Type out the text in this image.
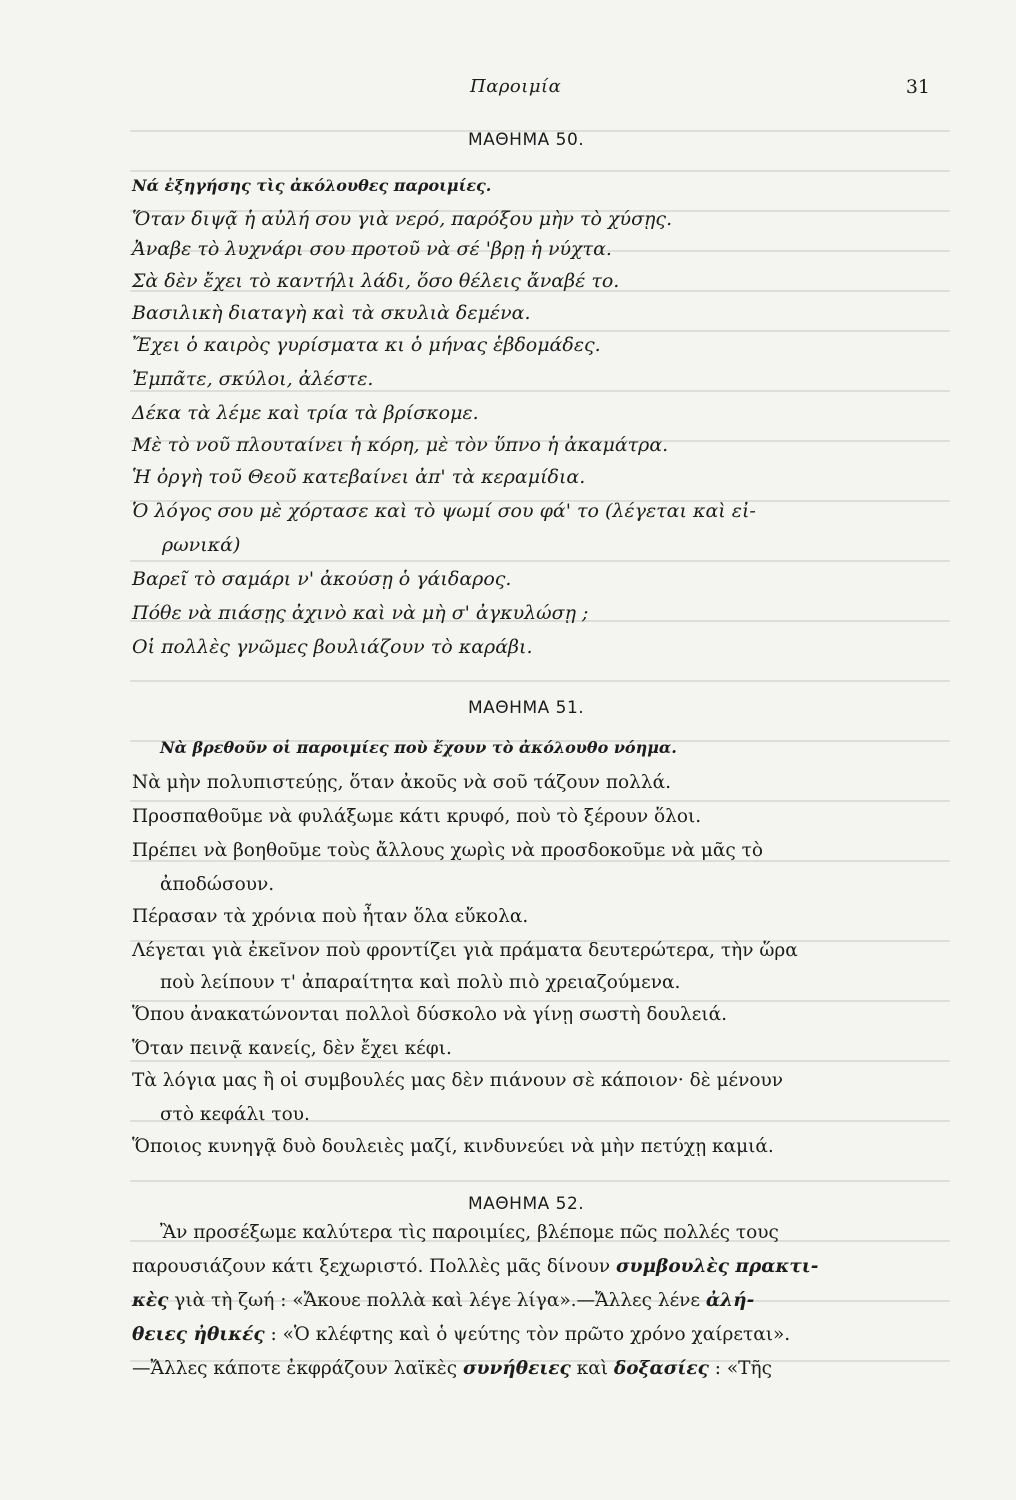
Παροιμία	31
ΜΑΘΗΜΑ 50.
Νά ἐξηγήσης τὶς ἀκόλουθες παροιμίες.
Ὅταν διψᾷ ἡ αὐλή σου γιὰ νερό, παρόξου μὴν τὸ χύσῃς.
Ἀναβε τὸ λυχνάρι σου προτοῦ νὰ σέ 'βρῃ ἡ νύχτα.
Σὰ δὲν ἔχει τὸ καντήλι λάδι, ὅσο θέλεις ἄναβέ το.
Βασιλικὴ διαταγὴ καὶ τὰ σκυλιὰ δεμένα.
Ἔχει ὁ καιρὸς γυρίσματα κι ὁ μήνας ἑβδομάδες.
Ἐμπᾶτε, σκύλοι, ἀλέστε.
Δέκα τὰ λέμε καὶ τρία τὰ βρίσκομε.
Μὲ τὸ νοῦ πλουταίνει ἡ κόρη, μὲ τὸν ὕπνο ἡ ἀκαμάτρα.
Ἡ ὀργὴ τοῦ Θεοῦ κατεβαίνει ἀπ' τὰ κεραμίδια.
Ὁ λόγος σου μὲ χόρτασε καὶ τὸ ψωμί σου φά' το (λέγεται καὶ εἰ-
ρωνικά)
Βαρεῖ τὸ σαμάρι ν' ἀκούσῃ ὁ γάιδαρος.
Πόθε νὰ πιάσῃς ἀχινὸ καὶ νὰ μὴ σ' ἀγκυλώσῃ ;
Οἱ πολλὲς γνῶμες βουλιάζουν τὸ καράβι.
ΜΑΘΗΜΑ 51.
Νὰ βρεθοῦν οἱ παροιμίες ποὺ ἔχουν τὸ ἀκόλουθο νόημα.
Νὰ μὴν πολυπιστεύῃς, ὅταν ἀκοῦς νὰ σοῦ τάζουν πολλά.
Προσπαθοῦμε νὰ φυλάξωμε κάτι κρυφό, ποὺ τὸ ξέρουν ὅλοι.
Πρέπει νὰ βοηθοῦμε τοὺς ἄλλους χωρὶς νὰ προσδοκοῦμε νὰ μᾶς τὸ
ἀποδώσουν.
Πέρασαν τὰ χρόνια ποὺ ἦταν ὅλα εὔκολα.
Λέγεται γιὰ ἐκεῖνον ποὺ φροντίζει γιὰ πράματα δευτερώτερα, τὴν ὥρα
ποὺ λείπουν τ' ἀπαραίτητα καὶ πολὺ πιὸ χρειαζούμενα.
Ὅπου ἀνακατώνονται πολλοὶ δύσκολο νὰ γίνῃ σωστὴ δουλειά.
Ὅταν πεινᾷ κανείς, δὲν ἔχει κέφι.
Τὰ λόγια μας ἢ οἱ συμβουλές μας δὲν πιάνουν σὲ κάποιον· δὲ μένουν
στὸ κεφάλι του.
Ὅποιος κυνηγᾷ δυὸ δουλειὲς μαζί, κινδυνεύει νὰ μὴν πετύχῃ καμιά.
ΜΑΘΗΜΑ 52.
Ἂν προσέξωμε καλύτερα τὶς παροιμίες, βλέπομε πῶς πολλές τους
παρουσιάζουν κάτι ξεχωριστό. Πολλὲς μᾶς δίνουν συμβουλὲς πρακτι-
κὲς γιὰ τὴ ζωή : «Ἄκουε πολλὰ καὶ λέγε λίγα».—Ἄλλες λένε ἀλή-
θειες ἠθικές : «Ὁ κλέφτης καὶ ὁ ψεύτης τὸν πρῶτο χρόνο χαίρεται».
—Ἄλλες κάποτε ἐκφράζουν λαϊκὲς συνήθειες καὶ δοξασίες : «Τῆς
